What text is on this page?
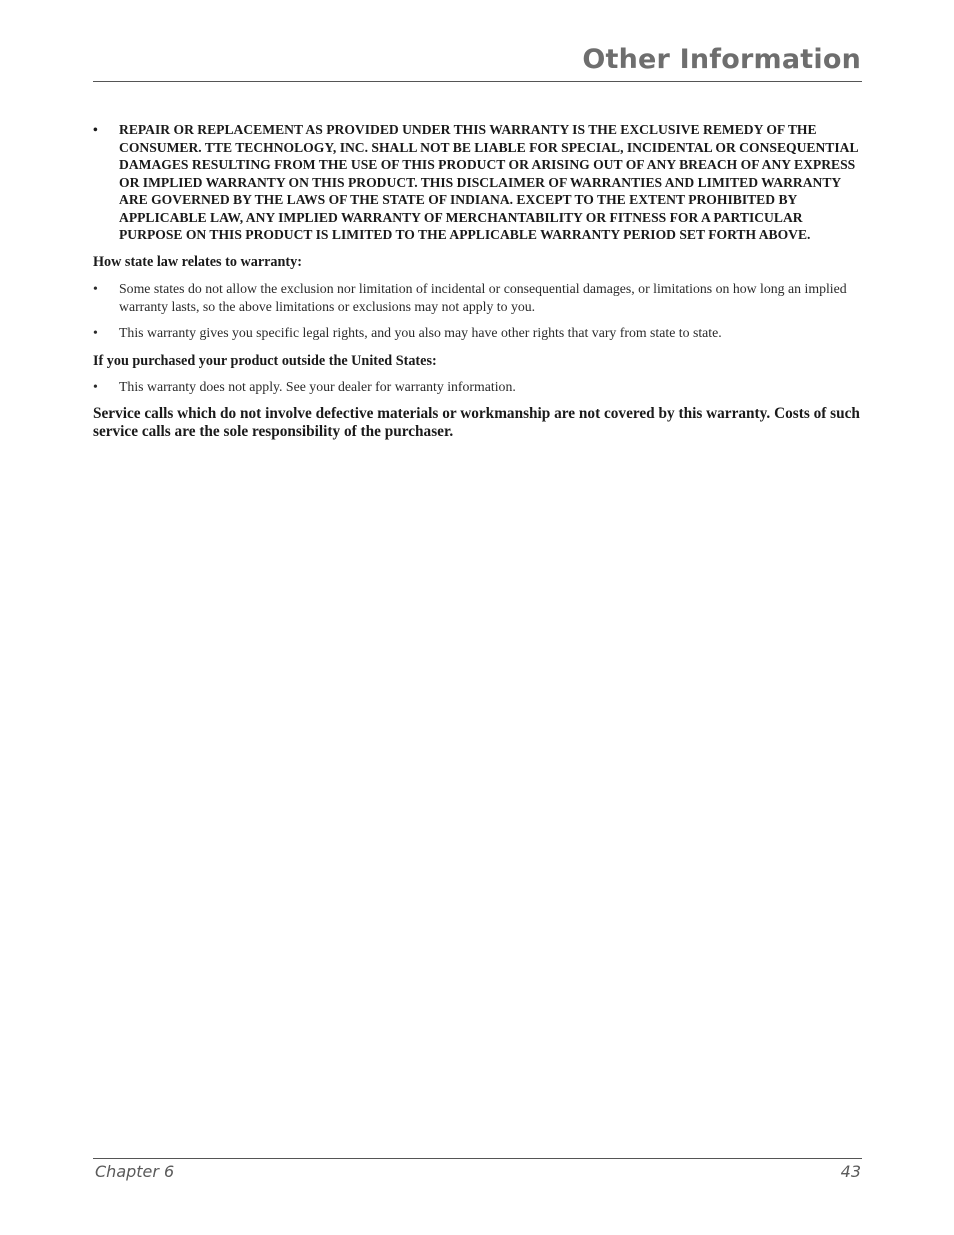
Other Information
• REPAIR OR REPLACEMENT AS PROVIDED UNDER THIS WARRANTY IS THE EXCLUSIVE REMEDY OF THE CONSUMER. TTE TECHNOLOGY, INC. SHALL NOT BE LIABLE FOR SPECIAL, INCIDENTAL OR CONSEQUENTIAL DAMAGES RESULTING FROM THE USE OF THIS PRODUCT OR ARISING OUT OF ANY BREACH OF ANY EXPRESS OR IMPLIED WARRANTY ON THIS PRODUCT. THIS DISCLAIMER OF WARRANTIES AND LIMITED WARRANTY ARE GOVERNED BY THE LAWS OF THE STATE OF INDIANA. EXCEPT TO THE EXTENT PROHIBITED BY APPLICABLE LAW, ANY IMPLIED WARRANTY OF MERCHANTABILITY OR FITNESS FOR A PARTICULAR PURPOSE ON THIS PRODUCT IS LIMITED TO THE APPLICABLE WARRANTY PERIOD SET FORTH ABOVE.

How state law relates to warranty:

• Some states do not allow the exclusion nor limitation of incidental or consequential damages, or limitations on how long an implied warranty lasts, so the above limitations or exclusions may not apply to you.
• This warranty gives you specific legal rights, and you also may have other rights that vary from state to state.

If you purchased your product outside the United States:

• This warranty does not apply. See your dealer for warranty information.

Service calls which do not involve defective materials or workmanship are not covered by this warranty. Costs of such service calls are the sole responsibility of the purchaser.

Chapter 6	43
